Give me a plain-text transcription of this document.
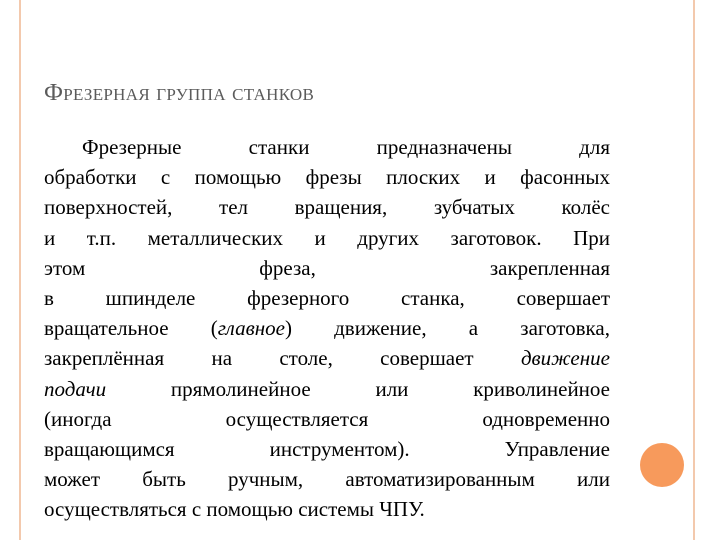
Фрезерная группа станков
Фрезерные станки предназначены для
обработки с помощью фрезы плоских и фасонных
поверхностей, тел вращения, зубчатых колёс
и т.п. металлических и других заготовок. При
этом фреза, закрепленная
в шпинделе фрезерного станка, совершает
вращательное (главное) движение, а заготовка,
закреплённая на столе, совершает движение
подачи прямолинейное или криволинейное
(иногда осуществляется одновременно
вращающимся инструментом). Управление
может быть ручным, автоматизированным или
осуществляться с помощью системы ЧПУ.
